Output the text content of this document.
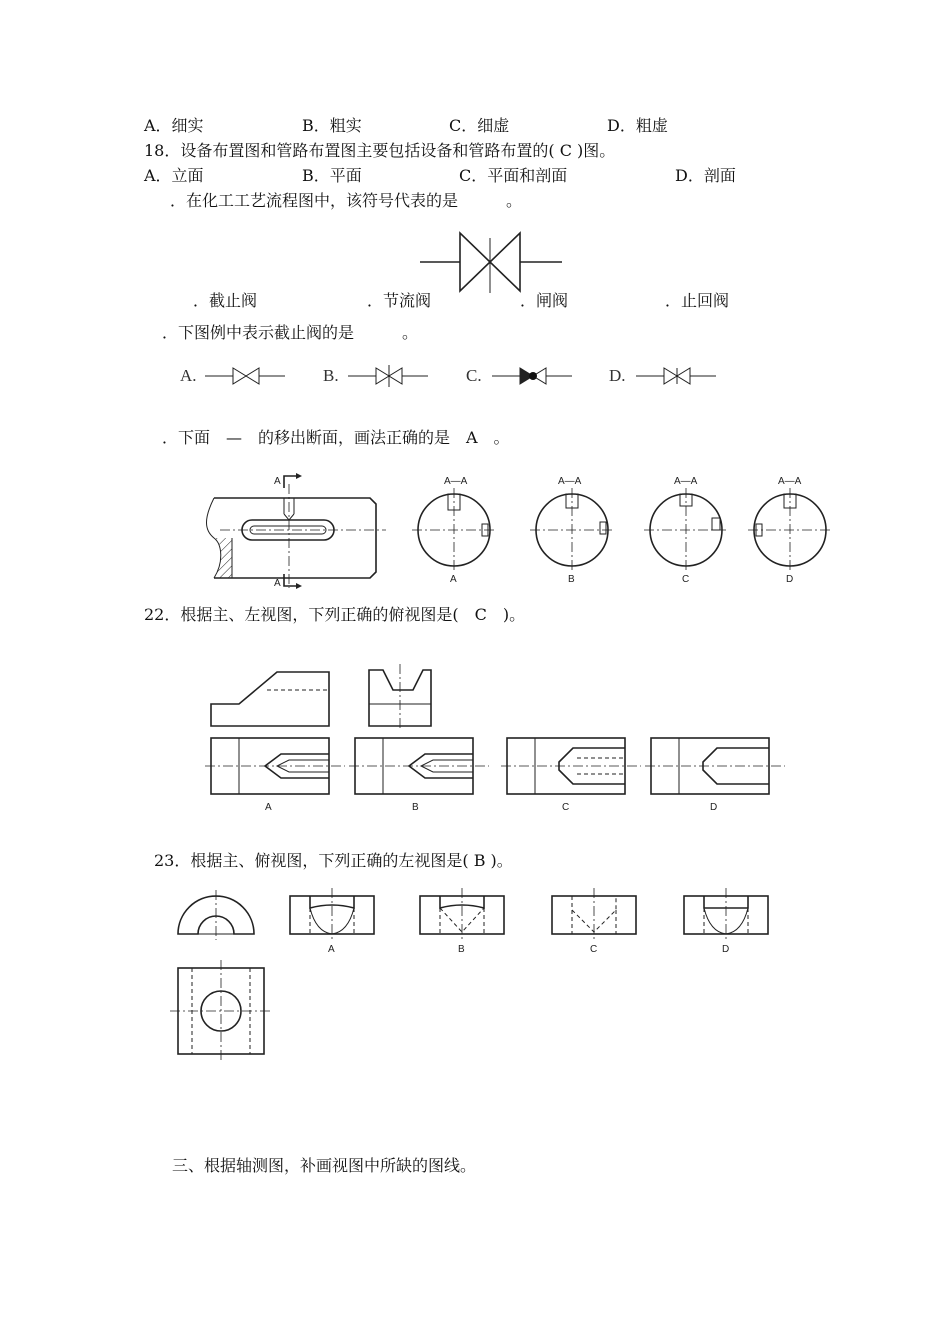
A．细实	B．粗实	C．细虚	D．粗虚
18．设备布置图和管路布置图主要包括设备和管路布置的( C )图。
A．立面	B．平面	C．平面和剖面	D．剖面
．在化工工艺流程图中，该符号代表的是　　　。
．截止阀	．节流阀	．闸阀	．止回阀
．下图例中表示截止阀的是　　　。
A.	B.	C.	D.
．下面　—　的移出断面，画法正确的是　A　。
A
A
A—A
A
A—A
B
A—A
C
A—A
D
22．根据主、左视图，下列正确的俯视图是(　C　)。
A	B	C	D
23．根据主、俯视图，下列正确的左视图是( B )。
A	B	C	D
三、根据轴测图，补画视图中所缺的图线。
